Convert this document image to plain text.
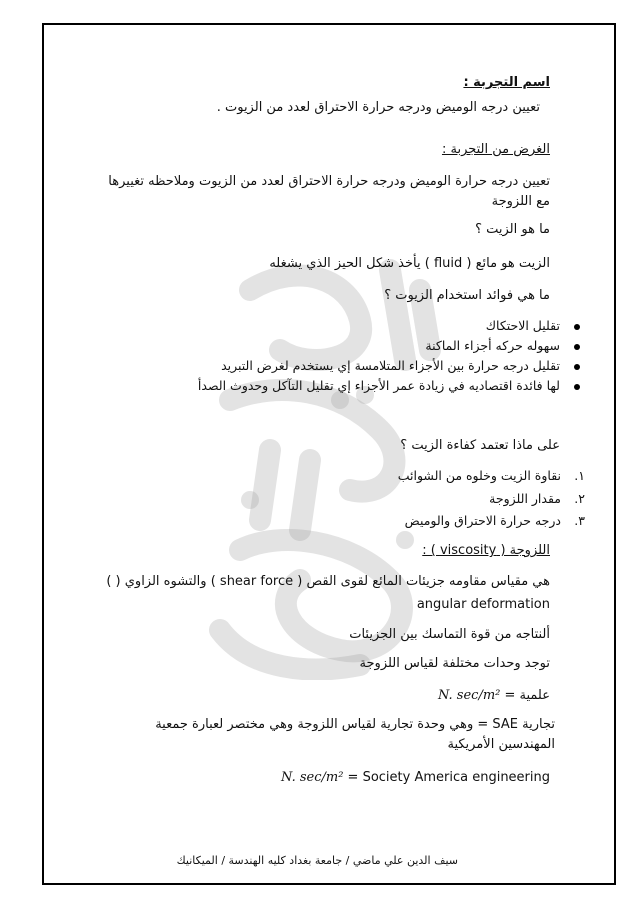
اسم التجربة :
تعيين درجه الوميض ودرجه حرارة الاحتراق لعدد من الزيوت .
الغرض من التجربة :
تعيين درجه حرارة الوميض ودرجه حرارة الاحتراق لعدد من الزيوت وملاحظه تغييرها مع اللزوجة
ما هو الزيت ؟
الزيت هو مائع ( fluid ) يأخذ شكل الحيز الذي يشغله
ما هي فوائد استخدام الزيوت ؟
تقليل الاحتكاك
سهوله حركه أجزاء الماكنة
تقليل درجه حرارة بين الأجزاء المتلامسة إي يستخدم لغرض التبريد
لها فائدة اقتصاديه في زيادة عمر الأجزاء إي تقليل التآكل وحدوث الصدأ
على ماذا تعتمد كفاءة الزيت ؟
١.نقاوة الزيت وخلوه من الشوائب
٢.مقدار اللزوجة
٣.درجه حرارة الاحتراق والوميض
اللزوجة ( viscosity ) :
هي مقياس مقاومه جزيئات المائع لقوى القص ( shear force ) والتشوه الزاوي ( )
angular deformation
ألنتاجه من قوة التماسك بين الجزيئات
توجد وحدات مختلفة لقياس اللزوجة
علمية = N. sec/m²
تجارية SAE = وهي وحدة تجارية لقياس اللزوجة وهي مختصر لعبارة جمعية المهندسين الأمريكية
N. sec/m² = Society America engineering
سيف الدين علي ماضي / جامعة بغداد كليه الهندسة / الميكانيك
